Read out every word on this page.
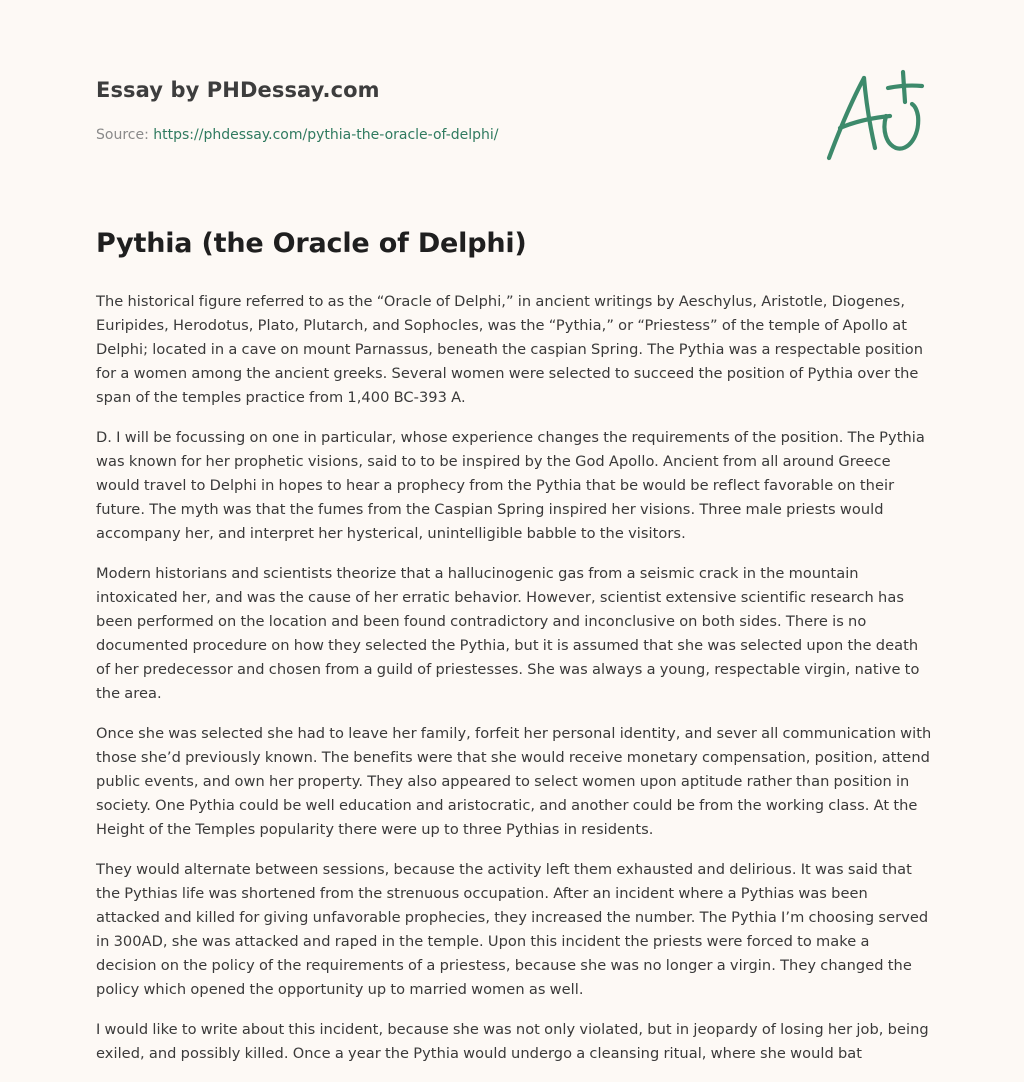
Essay by PHDessay.com
Source: https://phdessay.com/pythia-the-oracle-of-delphi/
Pythia (the Oracle of Delphi)

The historical figure referred to as the “Oracle of Delphi,” in ancient writings by Aeschylus, Aristotle, Diogenes, Euripides, Herodotus, Plato, Plutarch, and Sophocles, was the “Pythia,” or “Priestess” of the temple of Apollo at Delphi; located in a cave on mount Parnassus, beneath the caspian Spring. The Pythia was a respectable position for a women among the ancient greeks. Several women were selected to succeed the position of Pythia over the span of the temples practice from 1,400 BC-393 A.

D. I will be focussing on one in particular, whose experience changes the requirements of the position. The Pythia was known for her prophetic visions, said to to be inspired by the God Apollo. Ancient from all around Greece would travel to Delphi in hopes to hear a prophecy from the Pythia that be would be reflect favorable on their future. The myth was that the fumes from the Caspian Spring inspired her visions. Three male priests would accompany her, and interpret her hysterical, unintelligible babble to the visitors.

Modern historians and scientists theorize that a hallucinogenic gas from a seismic crack in the mountain intoxicated her, and was the cause of her erratic behavior. However, scientist extensive scientific research has been performed on the location and been found contradictory and inconclusive on both sides. There is no documented procedure on how they selected the Pythia, but it is assumed that she was selected upon the death of her predecessor and chosen from a guild of priestesses. She was always a young, respectable virgin, native to the area.

Once she was selected she had to leave her family, forfeit her personal identity, and sever all communication with those she’d previously known. The benefits were that she would receive monetary compensation, position, attend public events, and own her property. They also appeared to select women upon aptitude rather than position in society. One Pythia could be well education and aristocratic, and another could be from the working class. At the Height of the Temples popularity there were up to three Pythias in residents.

They would alternate between sessions, because the activity left them exhausted and delirious. It was said that the Pythias life was shortened from the strenuous occupation. After an incident where a Pythias was been attacked and killed for giving unfavorable prophecies, they increased the number. The Pythia I’m choosing served in 300AD, she was attacked and raped in the temple. Upon this incident the priests were forced to make a decision on the policy of the requirements of a priestess, because she was no longer a virgin. They changed the policy which opened the opportunity up to married women as well.

I would like to write about this incident, because she was not only violated, but in jeopardy of losing her job, being exiled, and possibly killed. Once a year the Pythia would undergo a cleansing ritual, where she would bat
